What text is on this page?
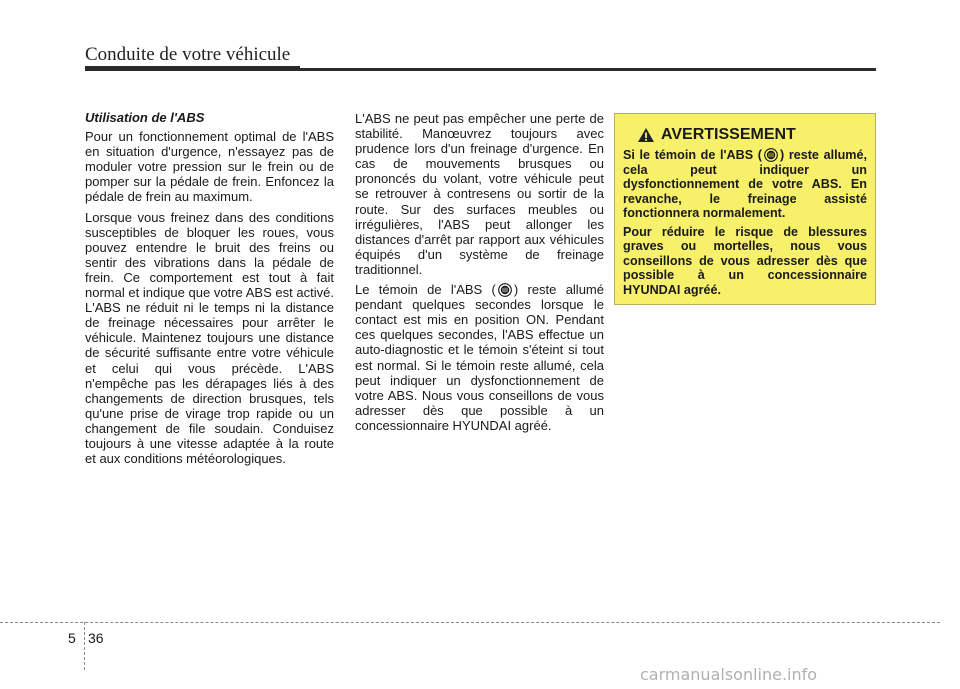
Conduite de votre véhicule

Utilisation de l'ABS

Pour un fonctionnement optimal de l'ABS en situation d'urgence, n'essayez pas de moduler votre pression sur le frein ou de pomper sur la pédale de frein. Enfoncez la pédale de frein au maximum.

Lorsque vous freinez dans des conditions susceptibles de bloquer les roues, vous pouvez entendre le bruit des freins ou sentir des vibrations dans la pédale de frein. Ce comportement est tout à fait normal et indique que votre ABS est activé. L'ABS ne réduit ni le temps ni la distance de freinage nécessaires pour arrêter le véhicule. Maintenez toujours une distance de sécurité suffisante entre votre véhicule et celui qui vous précède. L'ABS n'empêche pas les dérapages liés à des changements de direction brusques, tels qu'une prise de virage trop rapide ou un changement de file soudain. Conduisez toujours à une vitesse adaptée à la route et aux conditions météorologiques.

L'ABS ne peut pas empêcher une perte de stabilité. Manœuvrez toujours avec prudence lors d'un freinage d'urgence. En cas de mouvements brusques ou prononcés du volant, votre véhicule peut se retrouver à contresens ou sortir de la route. Sur des surfaces meubles ou irrégulières, l'ABS peut allonger les distances d'arrêt par rapport aux véhicules équipés d'un système de freinage traditionnel.

Le témoin de l'ABS ( ) reste allumé pendant quelques secondes lorsque le contact est mis en position ON. Pendant ces quelques secondes, l'ABS effectue un auto-diagnostic et le témoin s'éteint si tout est normal. Si le témoin reste allumé, cela peut indiquer un dysfonctionnement de votre ABS. Nous vous conseillons de vous adresser dès que possible à un concessionnaire HYUNDAI agréé.

AVERTISSEMENT

Si le témoin de l'ABS ( ) reste allumé, cela peut indiquer un dysfonctionnement de votre ABS. En revanche, le freinage assisté fonctionnera normalement.

Pour réduire le risque de blessures graves ou mortelles, nous vous conseillons de vous adresser dès que possible à un concessionnaire HYUNDAI agréé.

5 36
carmanualsonline.info
